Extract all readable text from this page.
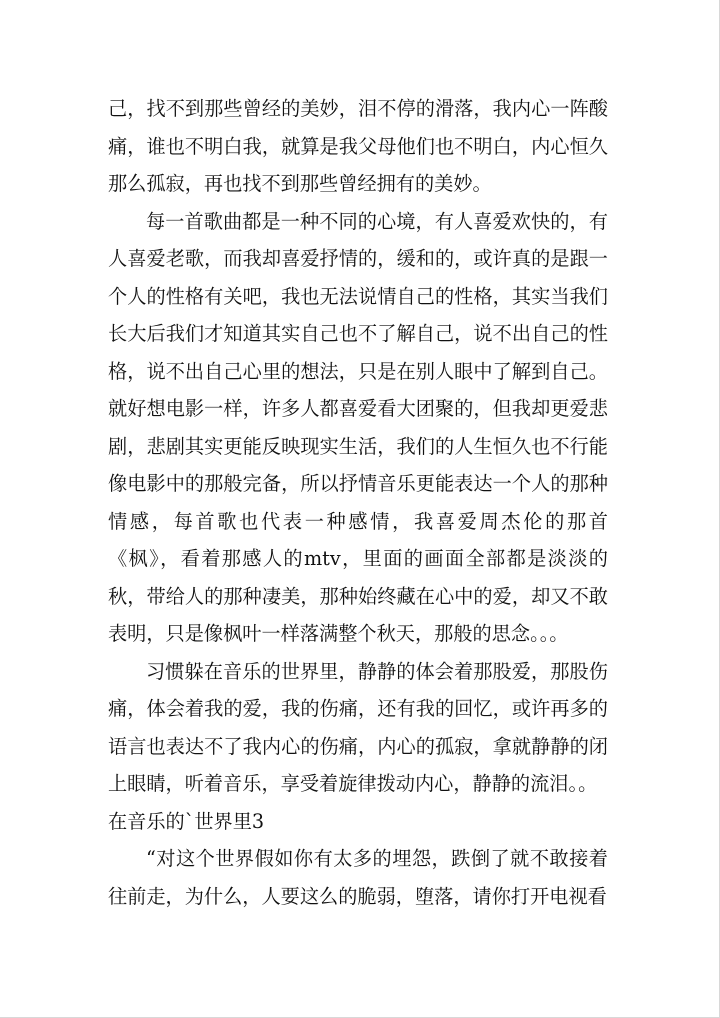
己，找不到那些曾经的美妙，泪不停的滑落，我内心一阵酸痛，谁也不明白我，就算是我父母他们也不明白，内心恒久那么孤寂，再也找不到那些曾经拥有的美妙。

每一首歌曲都是一种不同的心境，有人喜爱欢快的，有人喜爱老歌，而我却喜爱抒情的，缓和的，或许真的是跟一个人的性格有关吧，我也无法说情自己的性格，其实当我们长大后我们才知道其实自己也不了解自己，说不出自己的性格，说不出自己心里的想法，只是在别人眼中了解到自己。就好想电影一样，许多人都喜爱看大团聚的，但我却更爱悲剧，悲剧其实更能反映现实生活，我们的人生恒久也不行能像电影中的那般完备，所以抒情音乐更能表达一个人的那种情感，每首歌也代表一种感情，我喜爱周杰伦的那首《枫》，看着那感人的mtv，里面的画面全部都是淡淡的秋，带给人的那种凄美，那种始终藏在心中的爱，却又不敢表明，只是像枫叶一样落满整个秋天，那般的思念。。。

习惯躲在音乐的世界里，静静的体会着那股爱，那股伤痛，体会着我的爱，我的伤痛，还有我的回忆，或许再多的语言也表达不了我内心的伤痛，内心的孤寂，拿就静静的闭上眼睛，听着音乐，享受着旋律拨动内心，静静的流泪。。

在音乐的`世界里3

“对这个世界假如你有太多的埋怨，跌倒了就不敢接着往前走，为什么，人要这么的脆弱，堕落，请你打开电视看
